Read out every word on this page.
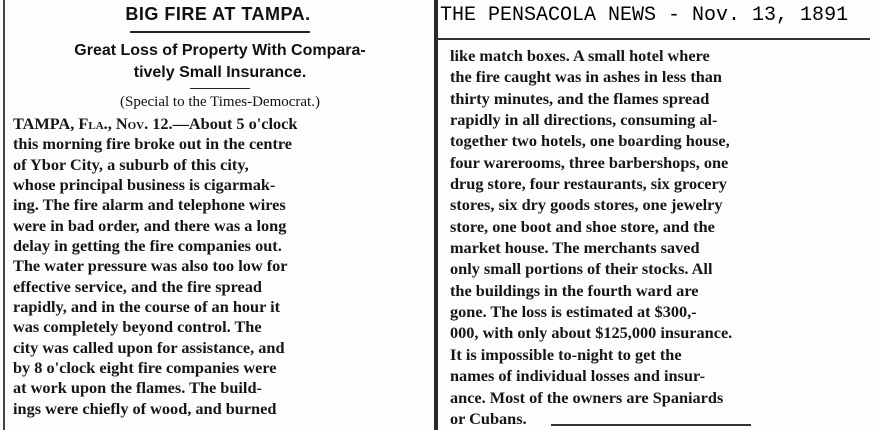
BIG FIRE AT TAMPA.
Great Loss of Property With Compara-
tively Small Insurance.
(Special to the Times-Democrat.)
TAMPA, Fla., Nov. 12.—About 5 o'clock
this morning fire broke out in the centre
of Ybor City, a suburb of this city,
whose principal business is cigarmak-
ing. The fire alarm and telephone wires
were in bad order, and there was a long
delay in getting the fire companies out.
The water pressure was also too low for
effective service, and the fire spread
rapidly, and in the course of an hour it
was completely beyond control. The
city was called upon for assistance, and
by 8 o'clock eight fire companies were
at work upon the flames. The build-
ings were chiefly of wood, and burned
THE PENSACOLA NEWS - Nov. 13, 1891
like match boxes. A small hotel where
the fire caught was in ashes in less than
thirty minutes, and the flames spread
rapidly in all directions, consuming al-
together two hotels, one boarding house,
four warerooms, three barbershops, one
drug store, four restaurants, six grocery
stores, six dry goods stores, one jewelry
store, one boot and shoe store, and the
market house. The merchants saved
only small portions of their stocks. All
the buildings in the fourth ward are
gone. The loss is estimated at $300,-
000, with only about $125,000 insurance.
It is impossible to-night to get the
names of individual losses and insur-
ance. Most of the owners are Spaniards
or Cubans.
